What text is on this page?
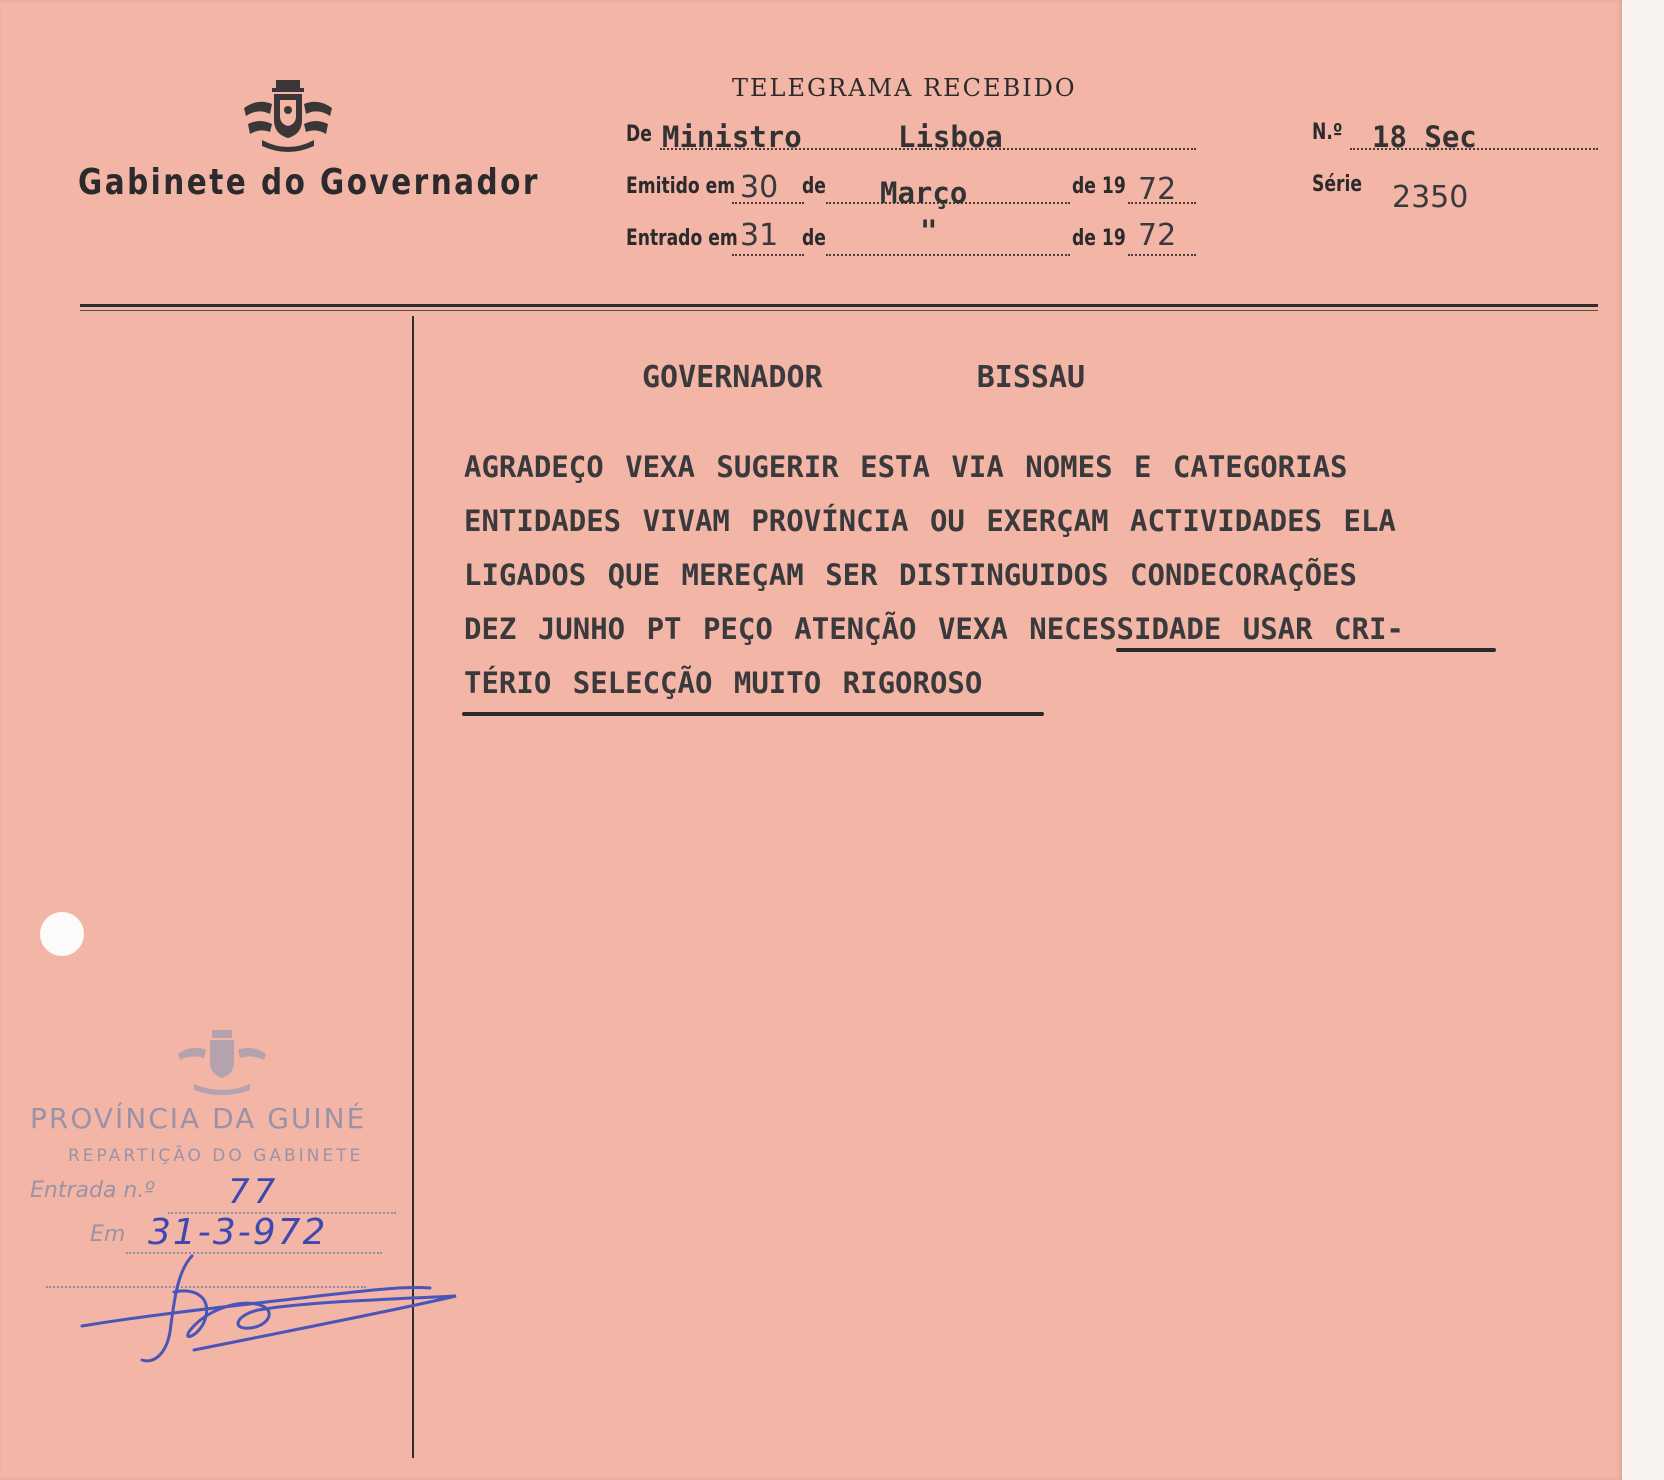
Gabinete do Governador
TELEGRAMA RECEBIDO
De Ministro	Lisboa	N.º 18 Sec
Emitido em 30 de Março	de 19 72	Série 2350
Entrado em 31 de	"	de 19 72
GOVERNADOR	BISSAU
AGRADEÇO VEXA SUGERIR ESTA VIA NOMES E CATEGORIAS
ENTIDADES VIVAM PROVÍNCIA OU EXERÇAM ACTIVIDADES ELA
LIGADOS QUE MEREÇAM SER DISTINGUIDOS CONDECORAÇÕES
DEZ JUNHO PT PEÇO ATENÇÃO VEXA NECESSIDADE USAR CRI-
TÉRIO SELECÇÃO MUITO RIGOROSO
PROVÍNCIA DA GUINÉ
REPARTIÇÃO DO GABINETE
Entrada n.º 77
Em 31-3-972
